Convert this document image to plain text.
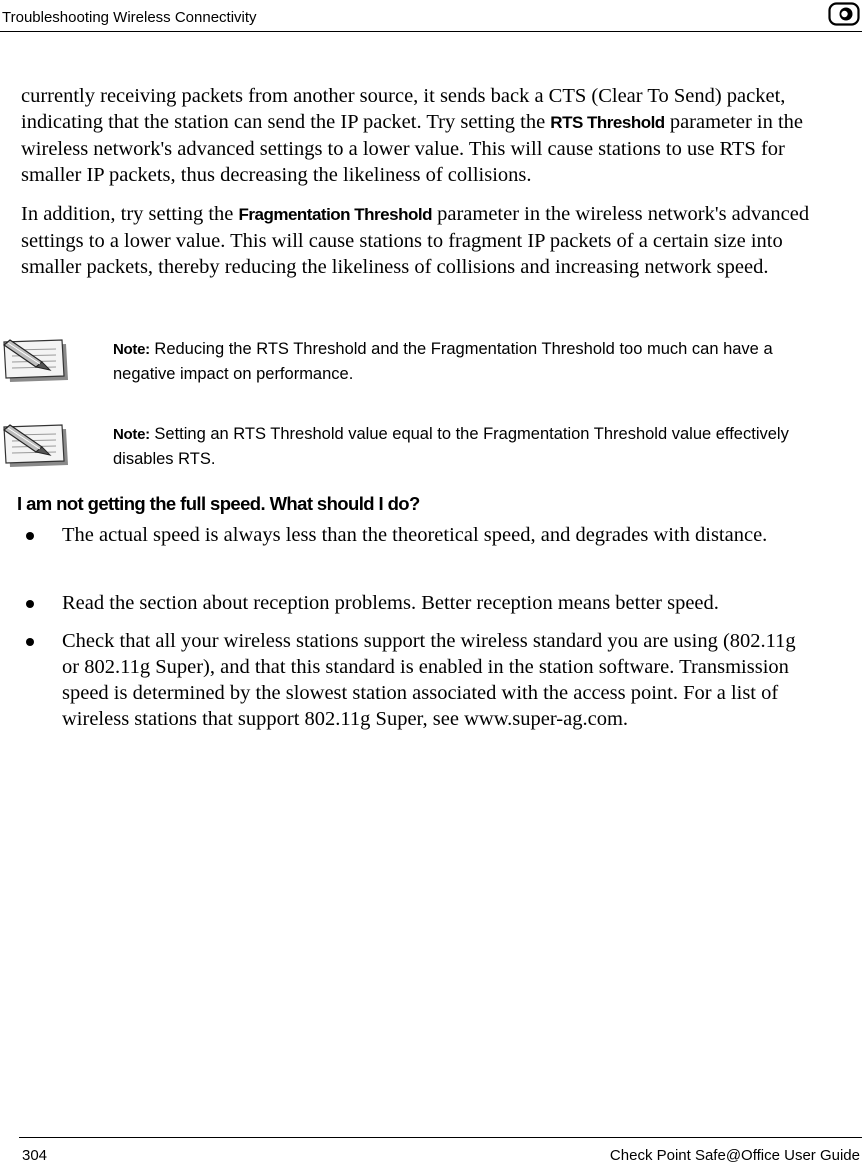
Troubleshooting Wireless Connectivity
currently receiving packets from another source, it sends back a CTS (Clear To Send) packet, indicating that the station can send the IP packet. Try setting the RTS Threshold parameter in the wireless network's advanced settings to a lower value. This will cause stations to use RTS for smaller IP packets, thus decreasing the likeliness of collisions.
In addition, try setting the Fragmentation Threshold parameter in the wireless network's advanced settings to a lower value. This will cause stations to fragment IP packets of a certain size into smaller packets, thereby reducing the likeliness of collisions and increasing network speed.
Note: Reducing the RTS Threshold and the Fragmentation Threshold too much can have a negative impact on performance.
Note: Setting an RTS Threshold value equal to the Fragmentation Threshold value effectively disables RTS.
I am not getting the full speed. What should I do?
The actual speed is always less than the theoretical speed, and degrades with distance.
Read the section about reception problems. Better reception means better speed.
Check that all your wireless stations support the wireless standard you are using (802.11g or 802.11g Super), and that this standard is enabled in the station software. Transmission speed is determined by the slowest station associated with the access point. For a list of wireless stations that support 802.11g Super, see www.super-ag.com.
304	Check Point Safe@Office User Guide
